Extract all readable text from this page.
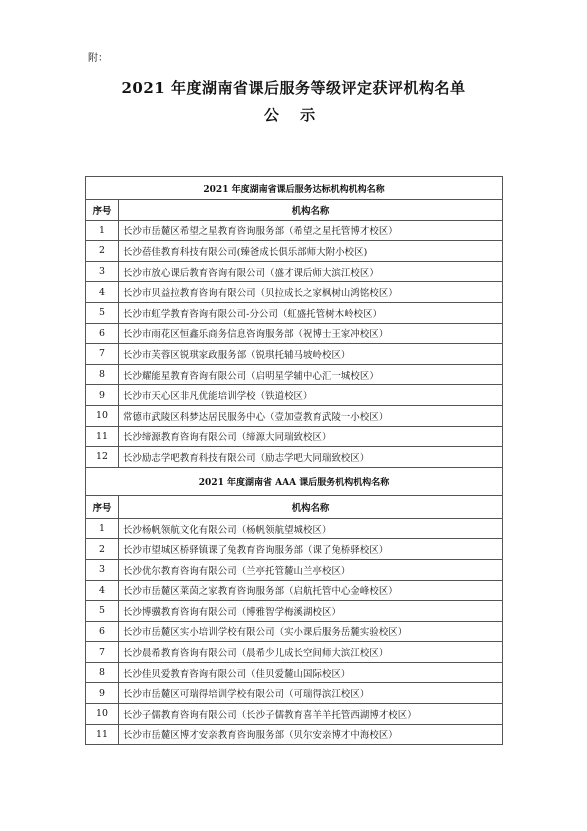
附：
2021 年度湖南省课后服务等级评定获评机构名单
公 示
2021 年度湖南省课后服务达标机构机构名称	
序号	机构名称
1	长沙市岳麓区希望之星教育咨询服务部（希望之星托管博才校区）
2	长沙蓓佳教育科技有限公司(臻爸成长俱乐部师大附小校区)
3	长沙市放心课后教育咨询有限公司（盛才课后师大滨江校区）
4	长沙市贝益拉教育咨询有限公司（贝拉成长之家枫树山鸿铭校区）
5	长沙市虹学教育咨询有限公司-分公司（虹盛托管树木岭校区）
6	长沙市雨花区恒鑫乐商务信息咨询服务部（祝博士王家冲校区）
7	长沙市芙蓉区锐琪家政服务部（锐琪托辅马坡岭校区）
8	长沙耀能星教育咨询有限公司（启明星学辅中心汇一城校区）
9	长沙市天心区非凡优能培训学校（铁道校区）
10	常德市武陵区科梦达居民服务中心（壹加壹教育武陵一小校区）
11	长沙缔源教育咨询有限公司（缔源大同瑞致校区）
12	长沙励志学吧教育科技有限公司（励志学吧大同瑞致校区）
2021 年度湖南省 AAA 课后服务机构机构名称	
序号	机构名称
1	长沙杨帆领航文化有限公司（杨帆领航望城校区）
2	长沙市望城区桥驿镇课了兔教育咨询服务部（课了兔桥驿校区）
3	长沙优尔教育咨询有限公司（兰亭托管麓山兰亭校区）
4	长沙市岳麓区莱茵之家教育咨询服务部（启航托管中心金峰校区）
5	长沙博骥教育咨询有限公司（博雅智学梅溪湖校区）
6	长沙市岳麓区实小培训学校有限公司（实小课后服务岳麓实验校区）
7	长沙晨希教育咨询有限公司（晨希少儿成长空间师大滨江校区）
8	长沙佳贝爱教育咨询有限公司（佳贝爱麓山国际校区）
9	长沙市岳麓区可瑞得培训学校有限公司（可瑞得滨江校区）
10	长沙子儒教育咨询有限公司（长沙子儒教育喜羊羊托管西湖博才校区）
11	长沙市岳麓区博才安亲教育咨询服务部（贝尔安亲博才中海校区）
